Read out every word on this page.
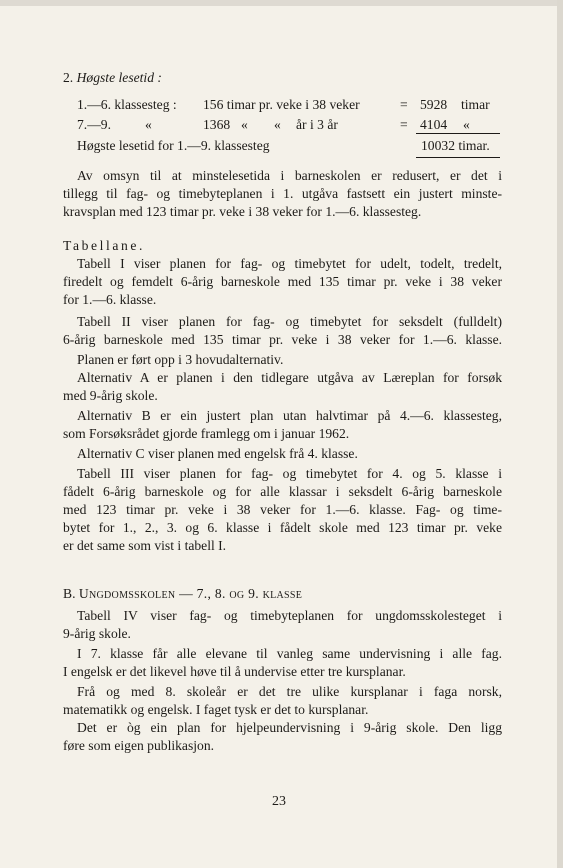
2. Høgste lesetid :
1.—6. klassesteg : 156 timar pr. veke i 38 veker	= 5928 timar
7.—9.	«	1368 « « år i 3 år	= 4104 «
Høgste lesetid for 1.—9. klassesteg	10032 timar.
Av omsyn til at minstelesetida i barneskolen er redusert, er det i
tillegg til fag- og timebyteplanen i 1. utgåva fastsett ein justert minste-
kravsplan med 123 timar pr. veke i 38 veker for 1.—6. klassesteg.
Tabellane.
Tabell I viser planen for fag- og timebytet for udelt, todelt, tredelt,
firedelt og femdelt 6-årig barneskole med 135 timar pr. veke i 38 veker
for 1.—6. klasse.
Tabell II viser planen for fag- og timebytet for seksdelt (fulldelt)
6-årig barneskole med 135 timar pr. veke i 38 veker for 1.—6. klasse.
Planen er ført opp i 3 hovudalternativ.
Alternativ A er planen i den tidlegare utgåva av Læreplan for forsøk
med 9-årig skole.
Alternativ B er ein justert plan utan halvtimar på 4.—6. klassesteg,
som Forsøksrådet gjorde framlegg om i januar 1962.
Alternativ C viser planen med engelsk frå 4. klasse.
Tabell III viser planen for fag- og timebytet for 4. og 5. klasse i
fådelt 6-årig barneskole og for alle klassar i seksdelt 6-årig barneskole
med 123 timar pr. veke i 38 veker for 1.—6. klasse. Fag- og time-
bytet for 1., 2., 3. og 6. klasse i fådelt skole med 123 timar pr. veke
er det same som vist i tabell I.
B. Ungdomsskolen — 7., 8. og 9. klasse
Tabell IV viser fag- og timebyteplanen for ungdomsskolesteget i
9-årig skole.
I 7. klasse får alle elevane til vanleg same undervisning i alle fag.
I engelsk er det likevel høve til å undervise etter tre kursplanar.
Frå og med 8. skoleår er det tre ulike kursplanar i faga norsk,
matematikk og engelsk. I faget tysk er det to kursplanar.
Det er òg ein plan for hjelpeundervisning i 9-årig skole. Den ligg
føre som eigen publikasjon.
23
